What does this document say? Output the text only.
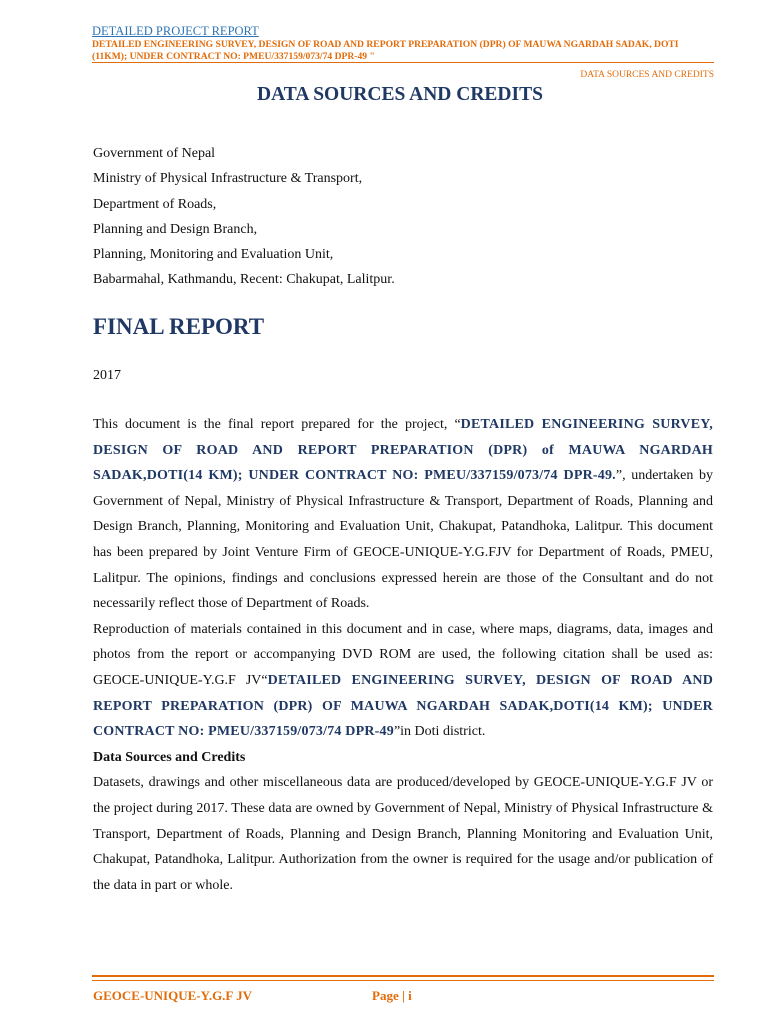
DETAILED PROJECT REPORT
DETAILED ENGINEERING SURVEY, DESIGN OF ROAD AND REPORT PREPARATION (DPR) OF MAUWA NGARDAH SADAK, DOTI (11KM); UNDER CONTRACT NO: PMEU/337159/073/74 DPR-49 "
DATA SOURCES AND CREDITS
DATA SOURCES AND CREDITS
Government of Nepal
Ministry of Physical Infrastructure & Transport,
Department of Roads,
Planning and Design Branch,
Planning, Monitoring and Evaluation Unit,
Babarmahal, Kathmandu, Recent: Chakupat, Lalitpur.
FINAL REPORT
2017

This document is the final report prepared for the project, “DETAILED ENGINEERING SURVEY, DESIGN OF ROAD AND REPORT PREPARATION (DPR) of MAUWA NGARDAH SADAK,DOTI(14 KM); UNDER CONTRACT NO: PMEU/337159/073/74 DPR-49.”, undertaken by Government of Nepal, Ministry of Physical Infrastructure & Transport, Department of Roads, Planning and Design Branch, Planning, Monitoring and Evaluation Unit, Chakupat, Patandhoka, Lalitpur. This document has been prepared by Joint Venture Firm of GEOCE-UNIQUE-Y.G.FJV for Department of Roads, PMEU, Lalitpur. The opinions, findings and conclusions expressed herein are those of the Consultant and do not necessarily reflect those of Department of Roads.

Reproduction of materials contained in this document and in case, where maps, diagrams, data, images and photos from the report or accompanying DVD ROM are used, the following citation shall be used as: GEOCE-UNIQUE-Y.G.F JV“DETAILED ENGINEERING SURVEY, DESIGN OF ROAD AND REPORT PREPARATION (DPR) OF MAUWA NGARDAH SADAK,DOTI(14 KM); UNDER CONTRACT NO: PMEU/337159/073/74 DPR-49”in Doti district.

Data Sources and Credits

Datasets, drawings and other miscellaneous data are produced/developed by GEOCE-UNIQUE-Y.G.F JV or the project during 2017. These data are owned by Government of Nepal, Ministry of Physical Infrastructure & Transport, Department of Roads, Planning and Design Branch, Planning Monitoring and Evaluation Unit, Chakupat, Patandhoka, Lalitpur. Authorization from the owner is required for the usage and/or publication of the data in part or whole.

GEOCE-UNIQUE-Y.G.F JV	Page | i
